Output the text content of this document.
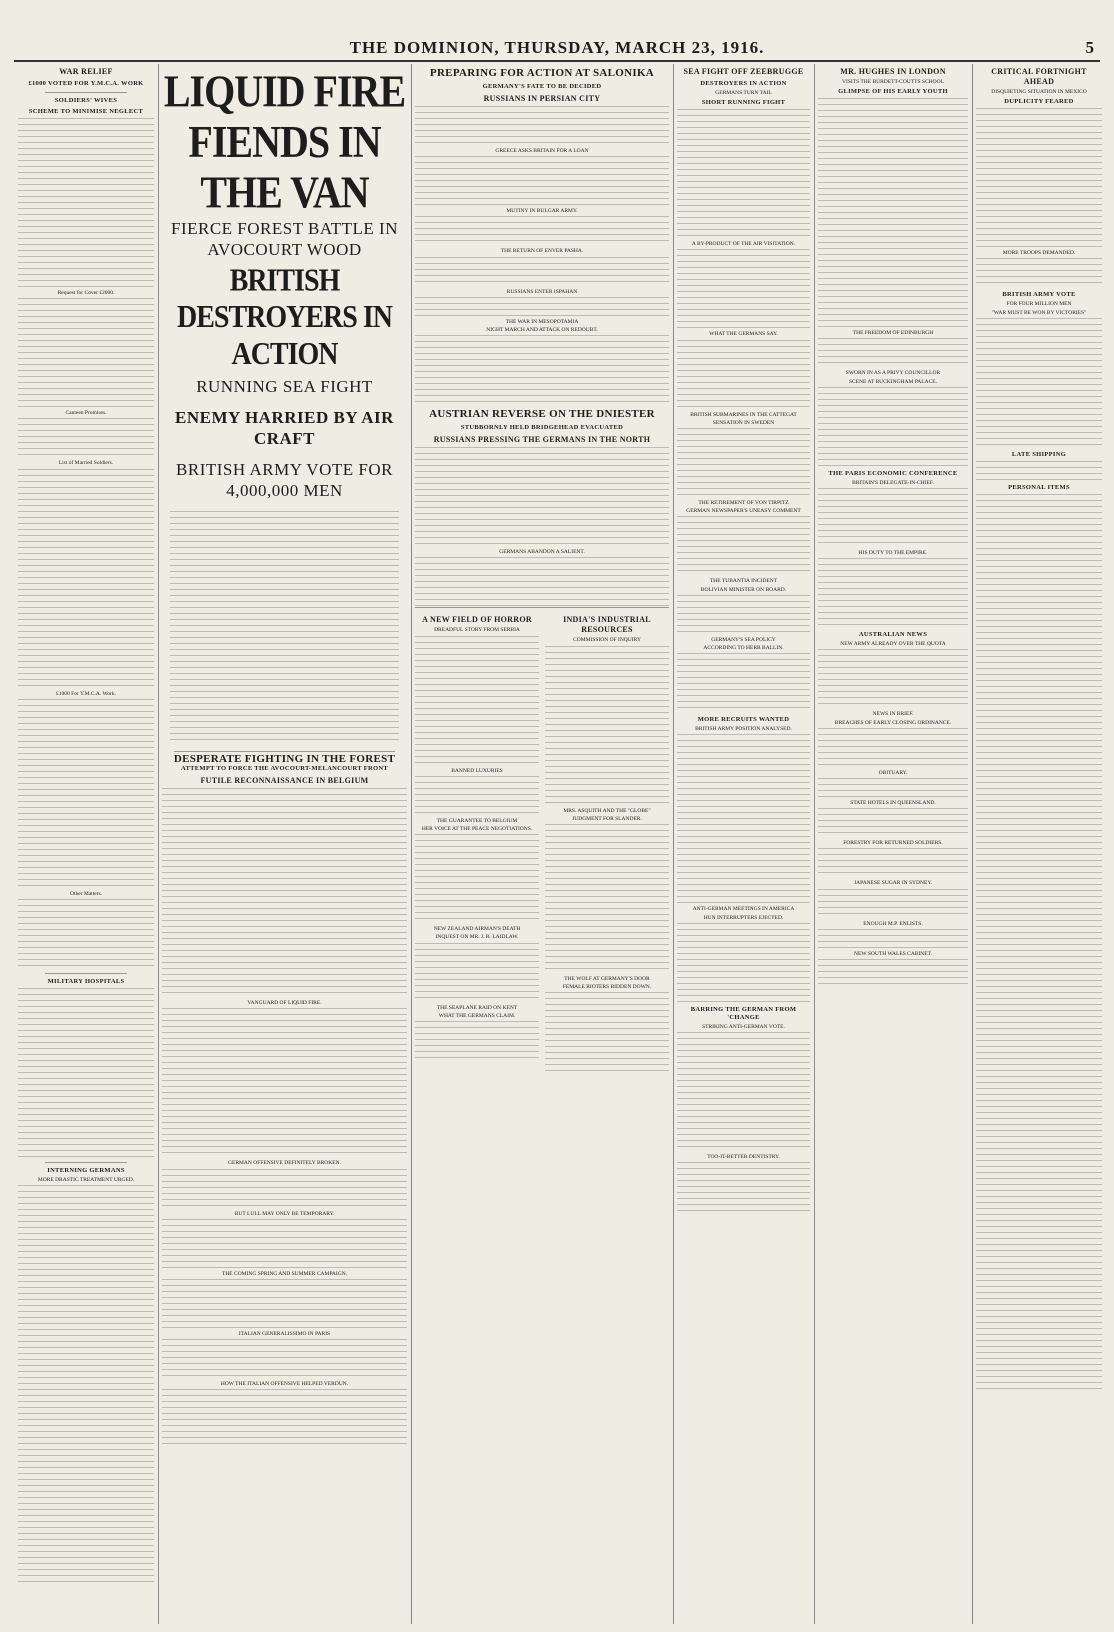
THE DOMINION, THURSDAY, MARCH 23, 1916.	5
WAR RELIEF
£1000 VOTED FOR Y.M.C.A. WORK
SOLDIERS' WIVES
SCHEME TO MINIMISE NEGLECT
Request for Cover £2000.
Canteen Promises.
List of Married Soldiers.
£1000 For Y.M.C.A. Work.
Other Matters.
MILITARY HOSPITALS
INTERNING GERMANS
MORE DRASTIC TREATMENT URGED.
LIQUID FIRE FIENDS IN THE VAN
FIERCE FOREST BATTLE IN AVOCOURT WOOD
BRITISH DESTROYERS IN ACTION
RUNNING SEA FIGHT
ENEMY HARRIED BY AIR CRAFT
BRITISH ARMY VOTE FOR 4,000,000 MEN
DESPERATE FIGHTING IN THE FOREST
ATTEMPT TO FORCE THE AVOCOURT-MELANCOURT FRONT
FUTILE RECONNAISSANCE IN BELGIUM
VANGUARD OF LIQUID FIRE.
GERMAN OFFENSIVE DEFINITELY BROKEN.
BUT LULL MAY ONLY BE TEMPORARY.
THE COMING SPRING AND SUMMER CAMPAIGN.
ITALIAN GENERALISSIMO IN PARIS
HOW THE ITALIAN OFFENSIVE HELPED VERDUN.
PREPARING FOR ACTION AT SALONIKA
GERMANY'S FATE TO BE DECIDED
RUSSIANS IN PERSIAN CITY
GREECE ASKS BRITAIN FOR A LOAN
MUTINY IN BULGAR ARMY.
THE RETURN OF ENVER PASHA.
RUSSIANS ENTER ISPAHAN
THE WAR IN MESOPOTAMIA
NIGHT MARCH AND ATTACK ON REDOUBT.
AUSTRIAN REVERSE ON THE DNIESTER
STUBBORNLY HELD BRIDGEHEAD EVACUATED
RUSSIANS PRESSING THE GERMANS IN THE NORTH
GERMANS ABANDON A SALIENT.
A NEW FIELD OF HORROR
DREADFUL STORY FROM SERBIA
BANNED LUXURIES
THE GUARANTEE TO BELGIUM
HER VOICE AT THE PEACE NEGOTIATIONS.
NEW ZEALAND AIRMAN'S DEATH
INQUEST ON MR. J. R. LAIDLAW.
THE SEAPLANE RAID ON KENT
WHAT THE GERMANS CLAIM.
INDIA'S INDUSTRIAL RESOURCES
COMMISSION OF INQUIRY
MRS. ASQUITH AND THE "GLOBE"
JUDGMENT FOR SLANDER.
THE WOLF AT GERMANY'S DOOR
FEMALE RIOTERS BIDDEN DOWN.
SEA FIGHT OFF ZEEBRUGGE
DESTROYERS IN ACTION
GERMANS TURN TAIL
SHORT RUNNING FIGHT
A BY-PRODUCT OF THE AIR VISITATION.
WHAT THE GERMANS SAY.
BRITISH SUBMARINES IN THE CATTEGAT
SENSATION IN SWEDEN
THE RETIREMENT OF VON TIRPITZ
GERMAN NEWSPAPER'S UNEASY COMMENT
THE TUBANTIA INCIDENT
BOLIVIAN MINISTER ON BOARD.
GERMANY'S SEA POLICY
ACCORDING TO HERR BALLIN.
MORE RECRUITS WANTED
BRITISH ARMY POSITION ANALYSED.
ANTI-GERMAN MEETINGS IN AMERICA
HUN INTERRUPTERS EJECTED.
BARRING THE GERMAN FROM 'CHANGE
STRIKING ANTI-GERMAN VOTE.
TOO-IT-BETTER DENTISTRY.
MR. HUGHES IN LONDON
VISITS THE BURDETT-COUTTS SCHOOL
GLIMPSE OF HIS EARLY YOUTH
THE FREEDOM OF EDINBURGH
SWORN IN AS A PRIVY COUNCILLOR
SCENE AT BUCKINGHAM PALACE.
THE PARIS ECONOMIC CONFERENCE
BRITAIN'S DELEGATE-IN-CHIEF.
HIS DUTY TO THE EMPIRE.
AUSTRALIAN NEWS
NEW ARMY ALREADY OVER THE QUOTA
NEWS IN BRIEF.
BREACHES OF EARLY CLOSING ORDINANCE.
OBITUARY.
STATE HOTELS IN QUEENSLAND.
FORESTRY FOR RETURNED SOLDIERS.
JAPANESE SUGAR IN SYDNEY.
ENOUGH M.P. ENLISTS.
NEW SOUTH WALES CABINET.
CRITICAL FORTNIGHT AHEAD
DISQUIETING SITUATION IN MEXICO
DUPLICITY FEARED
MORE TROOPS DEMANDED.
BRITISH ARMY VOTE
FOR FOUR MILLION MEN
"WAR MUST BE WON BY VICTORIES"
LATE SHIPPING
PERSONAL ITEMS
